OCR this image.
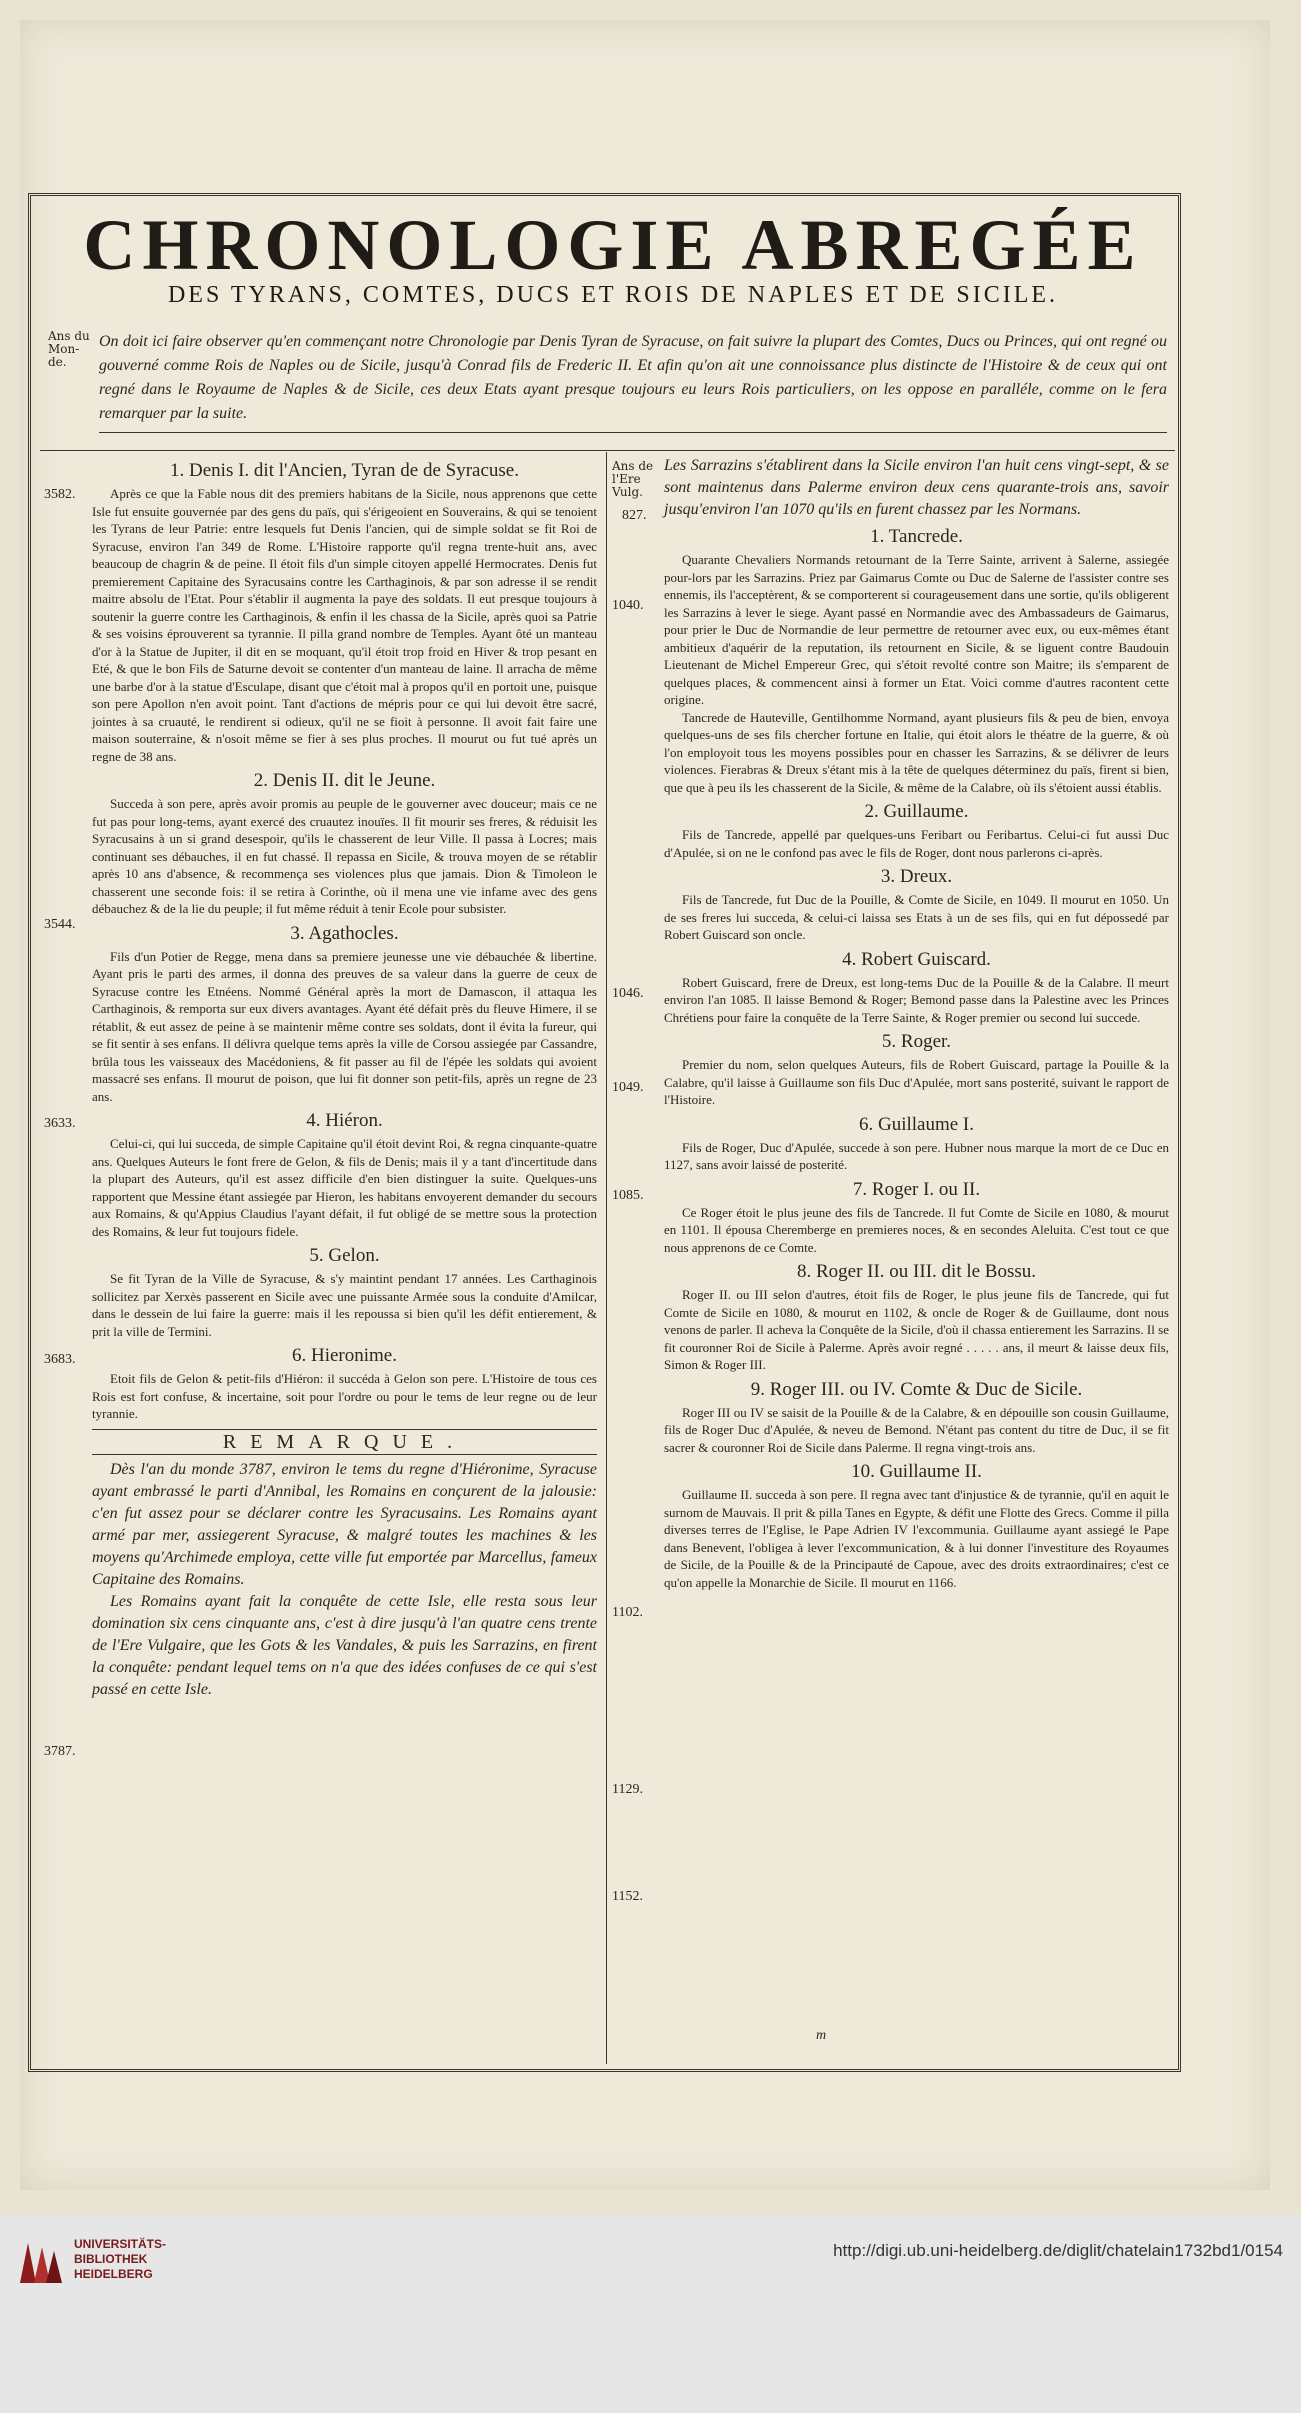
CHRONOLOGIE ABREGÉE
DES TYRANS, COMTES, DUCS ET ROIS DE NAPLES ET DE SICILE.
Ans du Mon-de.
On doit ici faire observer qu'en commençant notre Chronologie par Denis Tyran de Syracuse, on fait suivre la plupart des Comtes, Ducs ou Princes, qui ont regné ou gouverné comme Rois de Naples ou de Sicile, jusqu'à Conrad fils de Frederic II. Et afin qu'on ait une connoissance plus distincte de l'Histoire & de ceux qui ont regné dans le Royaume de Naples & de Sicile, ces deux Etats ayant presque toujours eu leurs Rois particuliers, on les oppose en paralléle, comme on le fera remarquer par la suite.
3582.
3544.
3633.
3683.
3787.
1. Denis I. dit l'Ancien, Tyran de de Syracuse.

Après ce que la Fable nous dit des premiers habitans de la Sicile, nous apprenons que cette Isle fut ensuite gouvernée par des gens du païs, qui s'érigeoient en Souverains, & qui se tenoient les Tyrans de leur Patrie: entre lesquels fut Denis l'ancien, qui de simple soldat se fit Roi de Syracuse, environ l'an 349 de Rome. L'Histoire rapporte qu'il regna trente-huit ans, avec beaucoup de chagrin & de peine. Il étoit fils d'un simple citoyen appellé Hermocrates. Denis fut premierement Capitaine des Syracusains contre les Carthaginois, & par son adresse il se rendit maitre absolu de l'Etat. Pour s'établir il augmenta la paye des soldats. Il eut presque toujours à soutenir la guerre contre les Carthaginois, & enfin il les chassa de la Sicile, après quoi sa Patrie & ses voisins éprouverent sa tyrannie. Il pilla grand nombre de Temples. Ayant ôté un manteau d'or à la Statue de Jupiter, il dit en se moquant, qu'il étoit trop froid en Hiver & trop pesant en Eté, & que le bon Fils de Saturne devoit se contenter d'un manteau de laine. Il arracha de même une barbe d'or à la statue d'Esculape, disant que c'étoit mal à propos qu'il en portoit une, puisque son pere Apollon n'en avoit point. Tant d'actions de mépris pour ce qui lui devoit être sacré, jointes à sa cruauté, le rendirent si odieux, qu'il ne se fioit à personne. Il avoit fait faire une maison souterraine, & n'osoit même se fier à ses plus proches. Il mourut ou fut tué après un regne de 38 ans.

2. Denis II. dit le Jeune.

Succeda à son pere, après avoir promis au peuple de le gouverner avec douceur; mais ce ne fut pas pour long-tems, ayant exercé des cruautez inouïes. Il fit mourir ses freres, & réduisit les Syracusains à un si grand desespoir, qu'ils le chasserent de leur Ville. Il passa à Locres; mais continuant ses débauches, il en fut chassé. Il repassa en Sicile, & trouva moyen de se rétablir après 10 ans d'absence, & recommença ses violences plus que jamais. Dion & Timoleon le chasserent une seconde fois: il se retira à Corinthe, où il mena une vie infame avec des gens débauchez & de la lie du peuple; il fut même réduit à tenir Ecole pour subsister.

3. Agathocles.

Fils d'un Potier de Regge, mena dans sa premiere jeunesse une vie débauchée & libertine. Ayant pris le parti des armes, il donna des preuves de sa valeur dans la guerre de ceux de Syracuse contre les Etnéens. Nommé Général après la mort de Damascon, il attaqua les Carthaginois, & remporta sur eux divers avantages. Ayant été défait près du fleuve Himere, il se rétablit, & eut assez de peine à se maintenir même contre ses soldats, dont il évita la fureur, qui se fit sentir à ses enfans. Il délivra quelque tems après la ville de Corsou assiegée par Cassandre, brûla tous les vaisseaux des Macédoniens, & fit passer au fil de l'épée les soldats qui avoient massacré ses enfans. Il mourut de poison, que lui fit donner son petit-fils, après un regne de 23 ans.

4. Hiéron.

Celui-ci, qui lui succeda, de simple Capitaine qu'il étoit devint Roi, & regna cinquante-quatre ans. Quelques Auteurs le font frere de Gelon, & fils de Denis; mais il y a tant d'incertitude dans la plupart des Auteurs, qu'il est assez difficile d'en bien distinguer la suite. Quelques-uns rapportent que Messine étant assiegée par Hieron, les habitans envoyerent demander du secours aux Romains, & qu'Appius Claudius l'ayant défait, il fut obligé de se mettre sous la protection des Romains, & leur fut toujours fidele.

5. Gelon.

Se fit Tyran de la Ville de Syracuse, & s'y maintint pendant 17 années. Les Carthaginois sollicitez par Xerxès passerent en Sicile avec une puissante Armée sous la conduite d'Amilcar, dans le dessein de lui faire la guerre: mais il les repoussa si bien qu'il les défit entierement, & prit la ville de Termini.

6. Hieronime.

Etoit fils de Gelon & petit-fils d'Hiéron: il succéda à Gelon son pere. L'Histoire de tous ces Rois est fort confuse, & incertaine, soit pour l'ordre ou pour le tems de leur regne ou de leur tyrannie.

REMARQUE.

Dès l'an du monde 3787, environ le tems du regne d'Hiéronime, Syracuse ayant embrassé le parti d'Annibal, les Romains en conçurent de la jalousie: c'en fut assez pour se déclarer contre les Syracusains. Les Romains ayant armé par mer, assiegerent Syracuse, & malgré toutes les machines & les moyens qu'Archimede employa, cette ville fut emportée par Marcellus, fameux Capitaine des Romains.

Les Romains ayant fait la conquête de cette Isle, elle resta sous leur domination six cens cinquante ans, c'est à dire jusqu'à l'an quatre cens trente de l'Ere Vulgaire, que les Gots & les Vandales, & puis les Sarrazins, en firent la conquête: pendant lequel tems on n'a que des idées confuses de ce qui s'est passé en cette Isle.

Ans de l'Ere Vulg.
827.
1040.
1046.
1049.
1085.
1102.
1129.
1152.

Les Sarrazins s'établirent dans la Sicile environ l'an huit cens vingt-sept, & se sont maintenus dans Palerme environ deux cens quarante-trois ans, savoir jusqu'environ l'an 1070 qu'ils en furent chassez par les Normans.

1. Tancrede.

Quarante Chevaliers Normands retournant de la Terre Sainte, arrivent à Salerne, assiegée pour-lors par les Sarrazins. Priez par Gaimarus Comte ou Duc de Salerne de l'assister contre ses ennemis, ils l'acceptèrent, & se comporterent si courageusement dans une sortie, qu'ils obligerent les Sarrazins à lever le siege. Ayant passé en Normandie avec des Ambassadeurs de Gaimarus, pour prier le Duc de Normandie de leur permettre de retourner avec eux, ou eux-mêmes étant ambitieux d'aquérir de la reputation, ils retournent en Sicile, & se liguent contre Baudouin Lieutenant de Michel Empereur Grec, qui s'étoit revolté contre son Maitre; ils s'emparent de quelques places, & commencent ainsi à former un Etat. Voici comme d'autres racontent cette origine.

Tancrede de Hauteville, Gentilhomme Normand, ayant plusieurs fils & peu de bien, envoya quelques-uns de ses fils chercher fortune en Italie, qui étoit alors le théatre de la guerre, & où l'on employoit tous les moyens possibles pour en chasser les Sarrazins, & se délivrer de leurs violences. Fierabras & Dreux s'étant mis à la tête de quelques déterminez du païs, firent si bien, que que à peu ils les chasserent de la Sicile, & même de la Calabre, où ils s'étoient aussi établis.

2. Guillaume.

Fils de Tancrede, appellé par quelques-uns Feribart ou Feribartus. Celui-ci fut aussi Duc d'Apulée, si on ne le confond pas avec le fils de Roger, dont nous parlerons ci-après.

3. Dreux.

Fils de Tancrede, fut Duc de la Pouille, & Comte de Sicile, en 1049. Il mourut en 1050. Un de ses freres lui succeda, & celui-ci laissa ses Etats à un de ses fils, qui en fut dépossedé par Robert Guiscard son oncle.

4. Robert Guiscard.

Robert Guiscard, frere de Dreux, est long-tems Duc de la Pouille & de la Calabre. Il meurt environ l'an 1085. Il laisse Bemond & Roger; Bemond passe dans la Palestine avec les Princes Chrétiens pour faire la conquête de la Terre Sainte, & Roger premier ou second lui succede.

5. Roger.

Premier du nom, selon quelques Auteurs, fils de Robert Guiscard, partage la Pouille & la Calabre, qu'il laisse à Guillaume son fils Duc d'Apulée, mort sans posterité, suivant le rapport de l'Histoire.

6. Guillaume I.

Fils de Roger, Duc d'Apulée, succede à son pere. Hubner nous marque la mort de ce Duc en 1127, sans avoir laissé de posterité.

7. Roger I. ou II.

Ce Roger étoit le plus jeune des fils de Tancrede. Il fut Comte de Sicile en 1080, & mourut en 1101. Il épousa Cheremberge en premieres noces, & en secondes Aleluita. C'est tout ce que nous apprenons de ce Comte.

8. Roger II. ou III. dit le Bossu.

Roger II. ou III selon d'autres, étoit fils de Roger, le plus jeune fils de Tancrede, qui fut Comte de Sicile en 1080, & mourut en 1102, & oncle de Roger & de Guillaume, dont nous venons de parler. Il acheva la Conquête de la Sicile, d'où il chassa entierement les Sarrazins. Il se fit couronner Roi de Sicile à Palerme. Après avoir regné . . . . . ans, il meurt & laisse deux fils, Simon & Roger III.

9. Roger III. ou IV. Comte & Duc de Sicile.

Roger III ou IV se saisit de la Pouille & de la Calabre, & en dépouille son cousin Guillaume, fils de Roger Duc d'Apulée, & neveu de Bemond. N'étant pas content du titre de Duc, il se fit sacrer & couronner Roi de Sicile dans Palerme. Il regna vingt-trois ans.

10. Guillaume II.

Guillaume II. succeda à son pere. Il regna avec tant d'injustice & de tyrannie, qu'il en aquit le surnom de Mauvais. Il prit & pilla Tanes en Egypte, & défit une Flotte des Grecs. Comme il pilla diverses terres de l'Eglise, le Pape Adrien IV l'excommunia. Guillaume ayant assiegé le Pape dans Benevent, l'obligea à lever l'excommunication, & à lui donner l'investiture des Royaumes de Sicile, de la Pouille & de la Principauté de Capoue, avec des droits extraordinaires; c'est ce qu'on appelle la Monarchie de Sicile. Il mourut en 1166.

m
UNIVERSITÄTS-
BIBLIOTHEK
HEIDELBERG
http://digi.ub.uni-heidelberg.de/diglit/chatelain1732bd1/0154
